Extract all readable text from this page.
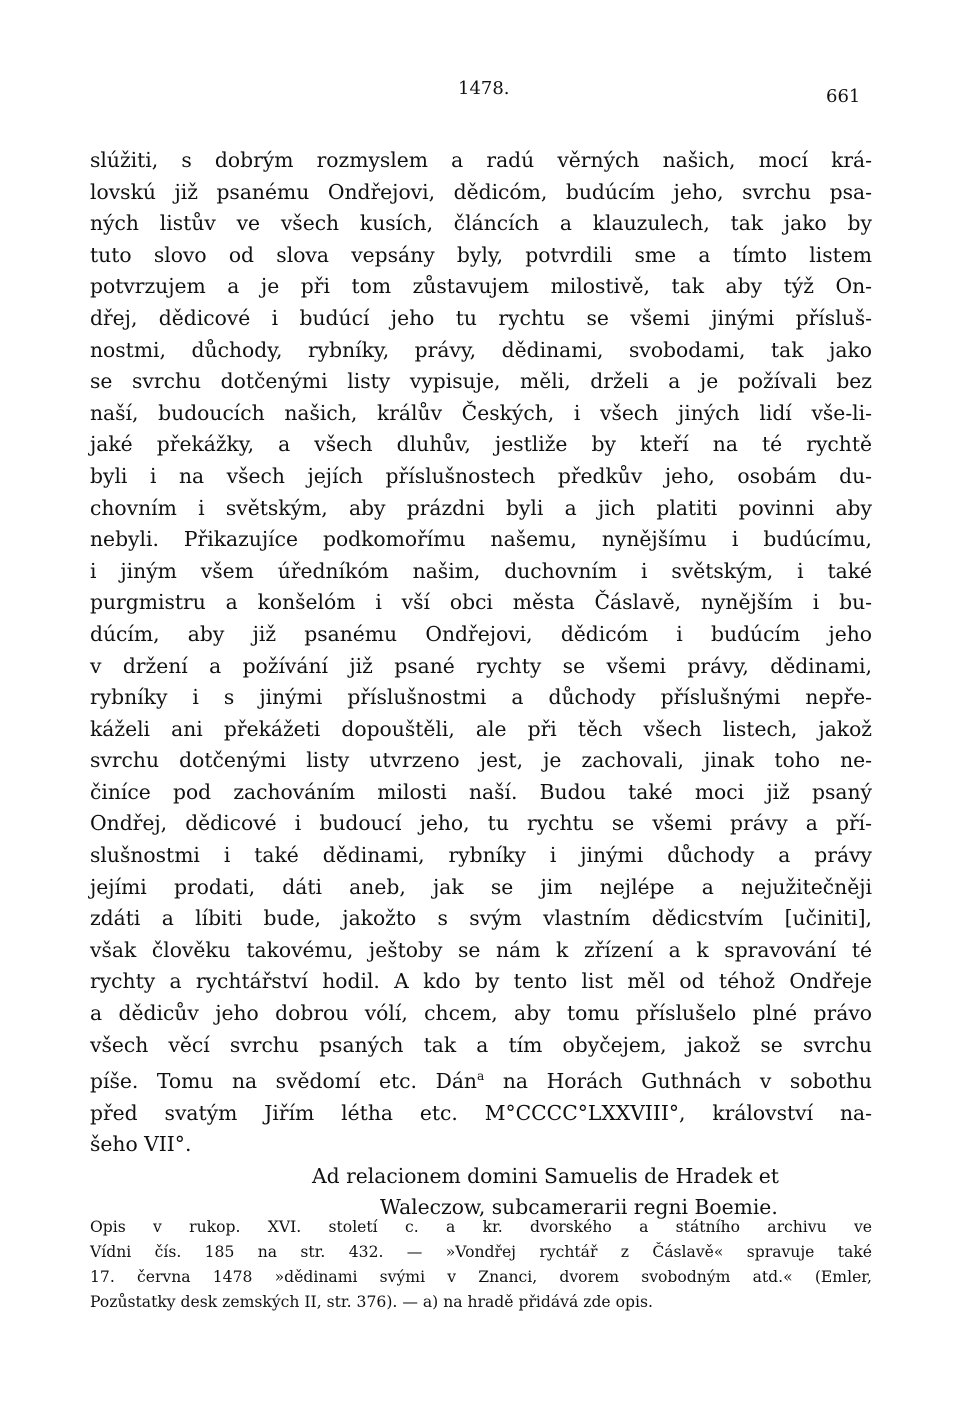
1478.	661
slúžiti, s dobrým rozmyslem a radú věrných našich, mocí krá-
lovskú již psanému Ondřejovi, dědicóm, budúcím jeho, svrchu psa-
ných listův ve všech kusích, článcích a klauzulech, tak jako by
tuto slovo od slova vepsány byly, potvrdili sme a tímto listem
potvrzujem a je při tom zůstavujem milostivě, tak aby týž On-
dřej, dědicové i budúcí jeho tu rychtu se všemi jinými přísluš-
nostmi, důchody, rybníky, právy, dědinami, svobodami, tak jako
se svrchu dotčenými listy vypisuje, měli, drželi a je požívali bez
naší, budoucích našich, králův Českých, i všech jiných lidí vše-li-
jaké překážky, a všech dluhův, jestliže by kteří na té rychtě
byli i na všech jejích příslušnostech předkův jeho, osobám du-
chovním i světským, aby prázdni byli a jich platiti povinni aby
nebyli. Přikazujíce podkomořímu našemu, nynějšímu i budúcímu,
i jiným všem úředníkóm našim, duchovním i světským, i také
purgmistru a konšelóm i vší obci města Čáslavě, nynějším i bu-
dúcím, aby již psanému Ondřejovi, dědicóm i budúcím jeho
v držení a požívání již psané rychty se všemi právy, dědinami,
rybníky i s jinými příslušnostmi a důchody příslušnými nepře-
káželi ani překážeti dopouštěli, ale při těch všech listech, jakož
svrchu dotčenými listy utvrzeno jest, je zachovali, jinak toho ne-
činíce pod zachováním milosti naší. Budou také moci již psaný
Ondřej, dědicové i budoucí jeho, tu rychtu se všemi právy a pří-
slušnostmi i také dědinami, rybníky i jinými důchody a právy
jejími prodati, dáti aneb, jak se jim nejlépe a nejužitečněji
zdáti a líbiti bude, jakožto s svým vlastním dědicstvím [učiniti],
však člověku takovému, ještoby se nám k zřízení a k spravování té
rychty a rychtářství hodil. A kdo by tento list měl od téhož Ondřeje
a dědicův jeho dobrou vólí, chcem, aby tomu příslušelo plné právo
všech věcí svrchu psaných tak a tím obyčejem, jakož se svrchu
píše. Tomu na svědomí etc. Dán$^a$ na Horách Guthnách v sobothu
před svatým Jiřím létha etc. M°CCCC°LXXVIII°, království na-
šeho VII°.
Ad relacionem domini Samuelis de Hradek et
Waleczow, subcamerarii regni Boemie.
Opis v rukop. XVI. století c. a kr. dvorského a státního archivu ve
Vídni čís. 185 na str. 432. — »Vondřej rychtář z Čáslavě« spravuje také
17. června 1478 »dědinami svými v Znanci, dvorem svobodným atd.« (Emler,
Pozůstatky desk zemských II, str. 376). — a) na hradě přidává zde opis.
